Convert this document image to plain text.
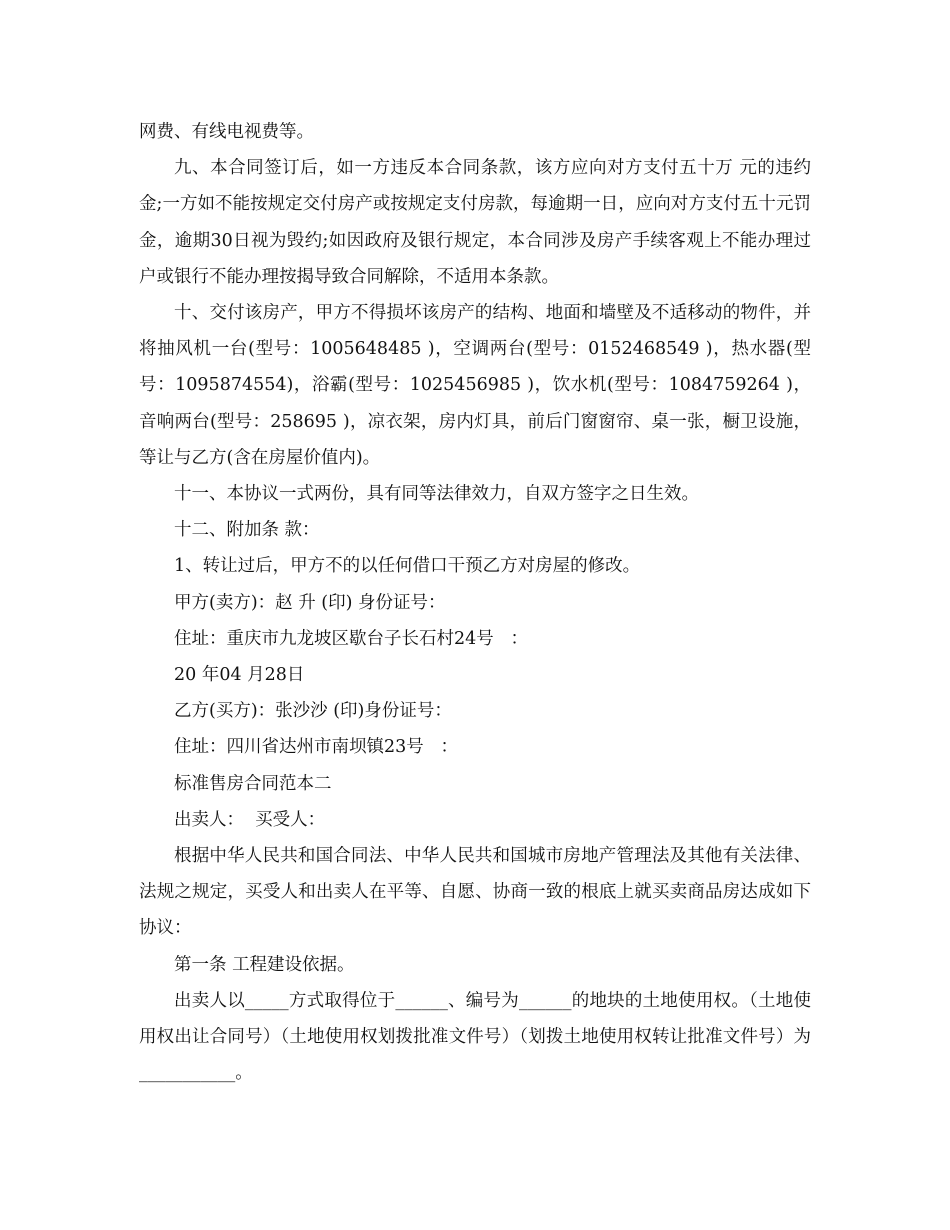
网费、有线电视费等。

九、本合同签订后，如一方违反本合同条款，该方应向对方支付五十万 元的违约金;一方如不能按规定交付房产或按规定支付房款，每逾期一日，应向对方支付五十元罚金，逾期30日视为毁约;如因政府及银行规定，本合同涉及房产手续客观上不能办理过户或银行不能办理按揭导致合同解除，不适用本条款。

十、交付该房产，甲方不得损坏该房产的结构、地面和墙壁及不适移动的物件，并将抽风机一台(型号：1005648485 )，空调两台(型号：0152468549 )，热水器(型号：1095874554)，浴霸(型号：1025456985 )，饮水机(型号：1084759264 )，音响两台(型号：258695 )，凉衣架，房内灯具，前后门窗窗帘、桌一张，橱卫设施， 等让与乙方(含在房屋价值内)。

十一、本协议一式两份，具有同等法律效力，自双方签字之日生效。

十二、附加条 款：

1、转让过后，甲方不的以任何借口干预乙方对房屋的修改。

甲方(卖方)：赵 升 (印) 身份证号：

住址：重庆市九龙坡区歇台子长石村24号   ：

20 年04 月28日

乙方(买方)：张沙沙 (印)身份证号：

住址：四川省达州市南坝镇23号   ：

标准售房合同范本二

出卖人：  买受人：

根据中华人民共和国合同法、中华人民共和国城市房地产管理法及其他有关法律、法规之规定，买受人和出卖人在平等、自愿、协商一致的根底上就买卖商品房达成如下协议：

第一条 工程建设依据。

出卖人以_____方式取得位于______、编号为______的地块的土地使用权。（土地使用权出让合同号）（土地使用权划拨批准文件号）（划拨土地使用权转让批准文件号）为___________。
